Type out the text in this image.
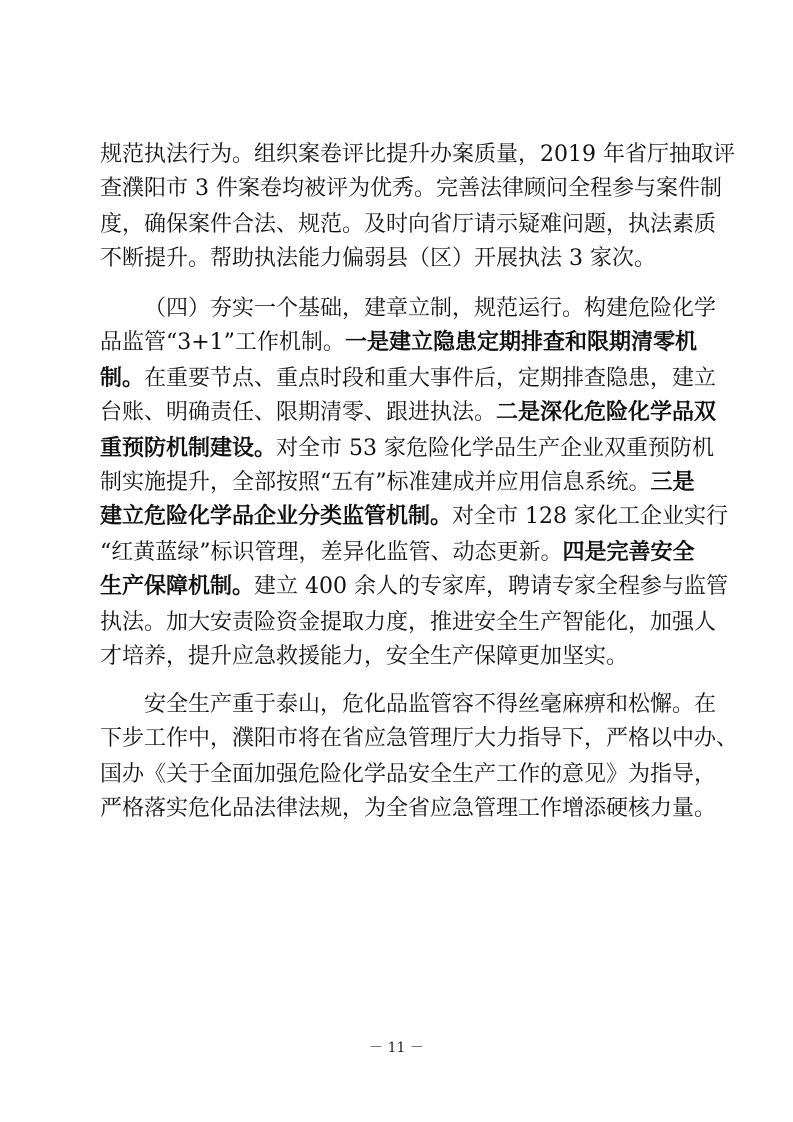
规范执法行为。组织案卷评比提升办案质量，2019 年省厅抽取评
查濮阳市 3 件案卷均被评为优秀。完善法律顾问全程参与案件制
度，确保案件合法、规范。及时向省厅请示疑难问题，执法素质
不断提升。帮助执法能力偏弱县（区）开展执法 3 家次。
（四）夯实一个基础，建章立制，规范运行。构建危险化学
品监管“3+1”工作机制。一是建立隐患定期排查和限期清零机
制。在重要节点、重点时段和重大事件后，定期排查隐患，建立
台账、明确责任、限期清零、跟进执法。二是深化危险化学品双
重预防机制建设。对全市 53 家危险化学品生产企业双重预防机
制实施提升，全部按照“五有”标准建成并应用信息系统。三是
建立危险化学品企业分类监管机制。对全市 128 家化工企业实行
“红黄蓝绿”标识管理，差异化监管、动态更新。四是完善安全
生产保障机制。建立 400 余人的专家库，聘请专家全程参与监管
执法。加大安责险资金提取力度，推进安全生产智能化，加强人
才培养，提升应急救援能力，安全生产保障更加坚实。
安全生产重于泰山，危化品监管容不得丝毫麻痹和松懈。在
下步工作中，濮阳市将在省应急管理厅大力指导下，严格以中办、
国办《关于全面加强危险化学品安全生产工作的意见》为指导，
严格落实危化品法律法规，为全省应急管理工作增添硬核力量。
－ 11 －
